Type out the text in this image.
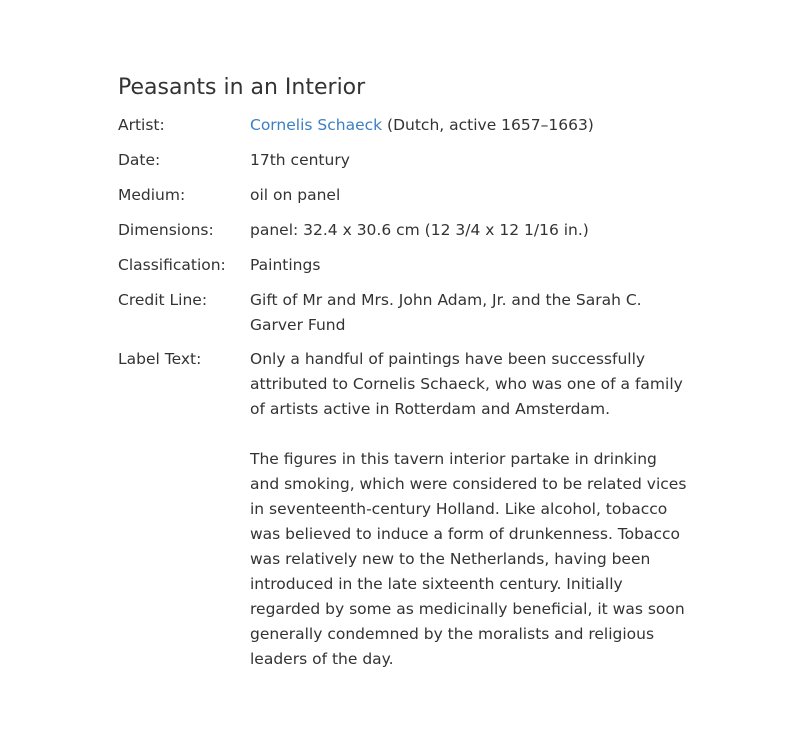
Peasants in an Interior
Artist:	Cornelis Schaeck (Dutch, active 1657–1663)
Date:	17th century
Medium:	oil on panel
Dimensions:	panel: 32.4 x 30.6 cm (12 3/4 x 12 1/16 in.)
Classification:	Paintings
Credit Line:	Gift of Mr and Mrs. John Adam, Jr. and the Sarah C. Garver Fund
Label Text:	Only a handful of paintings have been successfully attributed to Cornelis Schaeck, who was one of a family of artists active in Rotterdam and Amsterdam.

The figures in this tavern interior partake in drinking and smoking, which were considered to be related vices in seventeenth-century Holland. Like alcohol, tobacco was believed to induce a form of drunkenness. Tobacco was relatively new to the Netherlands, having been introduced in the late sixteenth century. Initially regarded by some as medicinally beneficial, it was soon generally condemned by the moralists and religious leaders of the day.
